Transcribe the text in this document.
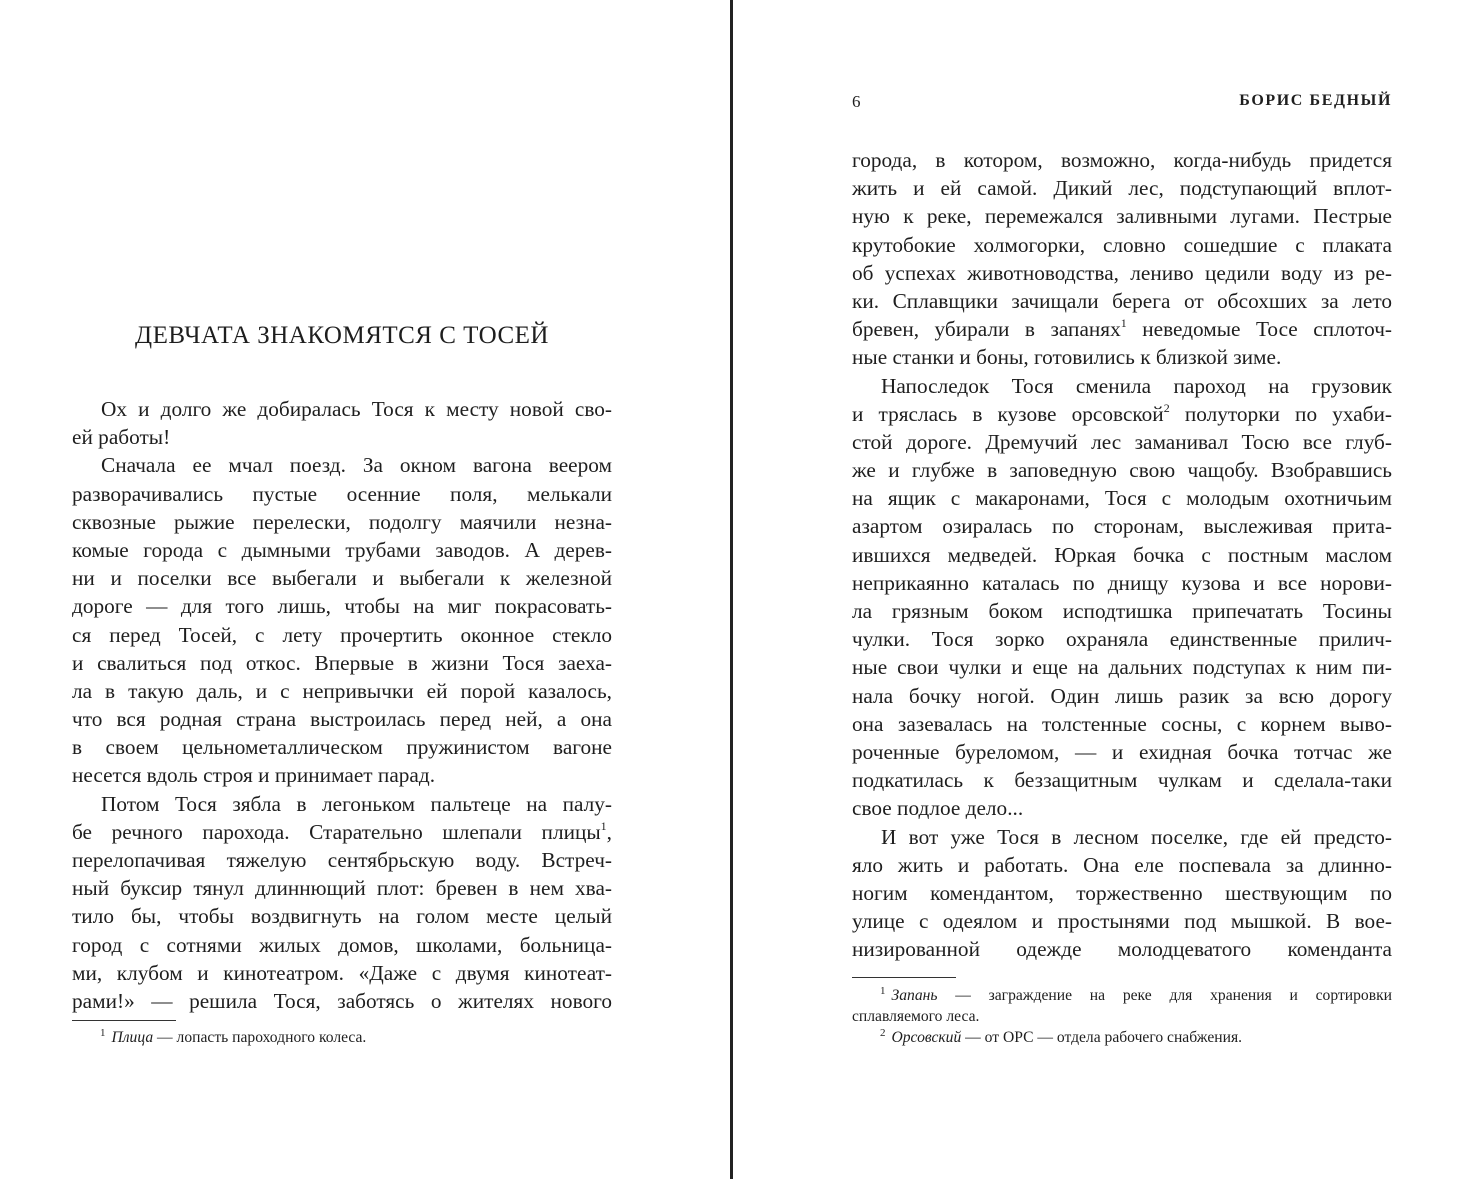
ДЕВЧАТА ЗНАКОМЯТСЯ С ТОСЕЙ
Ох и долго же добиралась Тося к месту новой сво-
ей работы!
Сначала ее мчал поезд. За окном вагона веером
разворачивались пустые осенние поля, мелькали
сквозные рыжие перелески, подолгу маячили незна-
комые города с дымными трубами заводов. А дерев-
ни и поселки все выбегали и выбегали к железной
дороге — для того лишь, чтобы на миг покрасовать-
ся перед Тосей, с лету прочертить оконное стекло
и свалиться под откос. Впервые в жизни Тося заеха-
ла в такую даль, и с непривычки ей порой казалось,
что вся родная страна выстроилась перед ней, а она
в своем цельнометаллическом пружинистом вагоне
несется вдоль строя и принимает парад.
Потом Тося зябла в легоньком пальтеце на палу-
бе речного парохода. Старательно шлепали плицы$^1$,
перелопачивая тяжелую сентябрьскую воду. Встреч-
ный буксир тянул длиннющий плот: бревен в нем хва-
тило бы, чтобы воздвигнуть на голом месте целый
город с сотнями жилых домов, школами, больница-
ми, клубом и кинотеатром. «Даже с двумя кинотеат-
рами!» — решила Тося, заботясь о жителях нового
$^1$ Плица — лопасть пароходного колеса.
6	БОРИС БЕДНЫЙ
города, в котором, возможно, когда-нибудь придется
жить и ей самой. Дикий лес, подступающий вплот-
ную к реке, перемежался заливными лугами. Пестрые
крутобокие холмогорки, словно сошедшие с плаката
об успехах животноводства, лениво цедили воду из ре-
ки. Сплавщики зачищали берега от обсохших за лето
бревен, убирали в запанях$^1$ неведомые Тосе сплоточ-
ные станки и боны, готовились к близкой зиме.
Напоследок Тося сменила пароход на грузовик
и тряслась в кузове орсовской$^2$ полуторки по ухаби-
стой дороге. Дремучий лес заманивал Тосю все глуб-
же и глубже в заповедную свою чащобу. Взобравшись
на ящик с макаронами, Тося с молодым охотничьим
азартом озиралась по сторонам, выслеживая прита-
ившихся медведей. Юркая бочка с постным маслом
неприкаянно каталась по днищу кузова и все норови-
ла грязным боком исподтишка припечатать Тосины
чулки. Тося зорко охраняла единственные прилич-
ные свои чулки и еще на дальних подступах к ним пи-
нала бочку ногой. Один лишь разик за всю дорогу
она зазевалась на толстенные сосны, с корнем выво-
роченные буреломом, — и ехидная бочка тотчас же
подкатилась к беззащитным чулкам и сделала-таки
свое подлое дело...
И вот уже Тося в лесном поселке, где ей предсто-
яло жить и работать. Она еле поспевала за длинно-
ногим комендантом, торжественно шествующим по
улице с одеялом и простынями под мышкой. В вое-
низированной одежде молодцеватого коменданта
$^1$ Запань — заграждение на реке для хранения и сортировки
сплавляемого леса.
$^2$ Орсовский — от ОРС — отдела рабочего снабжения.
